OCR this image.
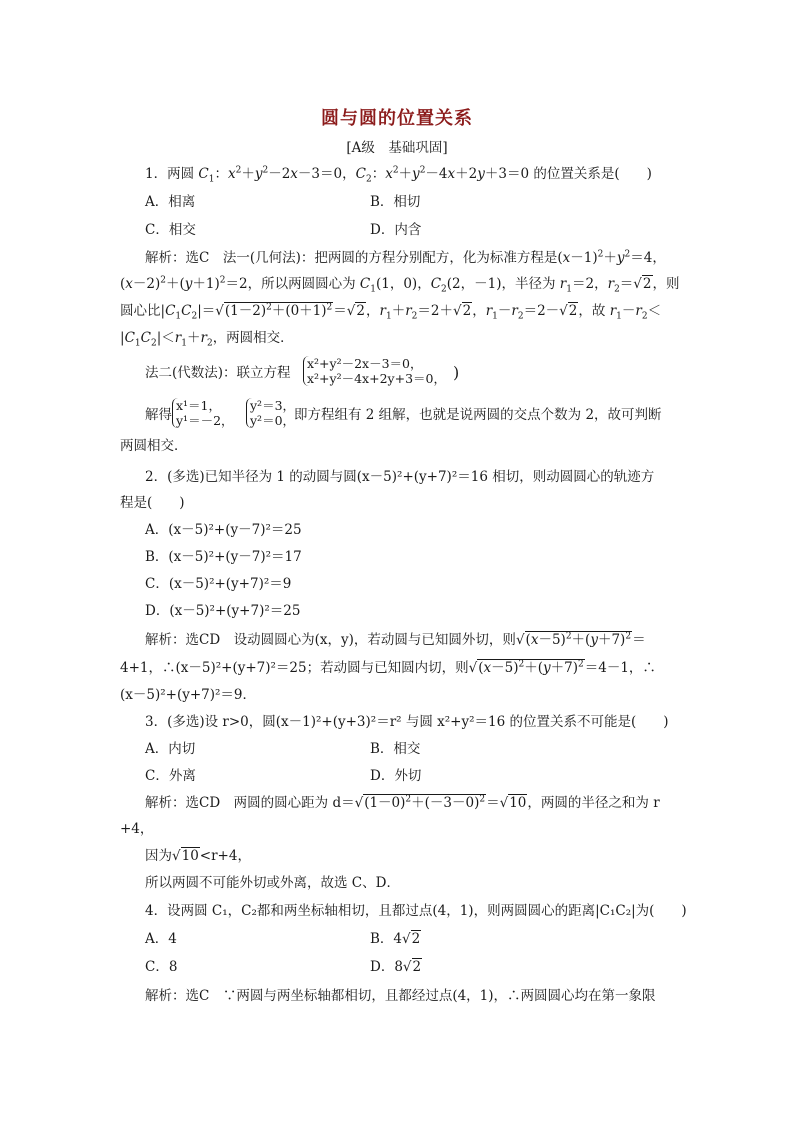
圆与圆的位置关系
[A级　基础巩固]
1．两圆 $C_1$：$x^2+y^2-2x-3=0$，$C_2$：$x^2+y^2-4x+2y+3=0$ 的位置关系是(　　)
A．相离	B．相切
C．相交	D．内含
解析：选C　法一(几何法)：把两圆的方程分别配方，化为标准方程是$(x-1)^2+y^2=4$，
$(x-2)^2+(y+1)^2=2$，所以两圆圆心为 $C_1(1$，0)，$C_2(2$，－1)，半径为 $r_1=2$，$r_2=√2$，则
圆心比$|C_1C_2|=√(1-2)^2+(0+1)^2=√2$，$r_1+r_2=2+√2$，$r_1-r_2=2-√2$，故 $r_1-r_2<$
$|C_1C_2|<r_1+r_2$，两圆相交．
法二(代数法)：联立方程
x²+y²－2x－3＝0，
x²+y²－4x+2y+3＝0， )
解得
x¹＝1，
y¹＝－2，
y²＝3，
y²＝0，
即方程组有 2 组解，也就是说两圆的交点个数为 2，故可判断
两圆相交．
2．(多选)已知半径为 1 的动圆与圆(x－5)²+(y+7)²＝16 相切，则动圆圆心的轨迹方
程是(　　)
A．(x－5)²+(y－7)²＝25
B．(x－5)²+(y－7)²＝17
C．(x－5)²+(y+7)²＝9
D．(x－5)²+(y+7)²＝25
解析：选CD　设动圆圆心为(x，y)，若动圆与已知圆外切，则$√(x-5)^2+(y+7)^2=$
4+1，∴(x－5)²+(y+7)²＝25；若动圆与已知圆内切，则$√(x-5)^2+(y+7)^2=4-1$，∴
(x－5)²+(y+7)²＝9．
3．(多选)设 r>0，圆(x－1)²+(y+3)²＝r² 与圆 x²+y²＝16 的位置关系不可能是(　　)
A．内切	B．相交
C．外离	D．外切
解析：选CD　两圆的圆心距为 $d=√(1-0)^2+(-3-0)^2=√10$，两圆的半径之和为 r
+4，
因为√10<r+4，
所以两圆不可能外切或外离，故选 C、D．
4．设两圆 C₁，C₂都和两坐标轴相切，且都过点(4，1)，则两圆圆心的距离|C₁C₂|为(　　)
A．4	B．4√2
C．8	D．8√2
解析：选C　∵两圆与两坐标轴都相切，且都经过点(4，1)，∴两圆圆心均在第一象限
